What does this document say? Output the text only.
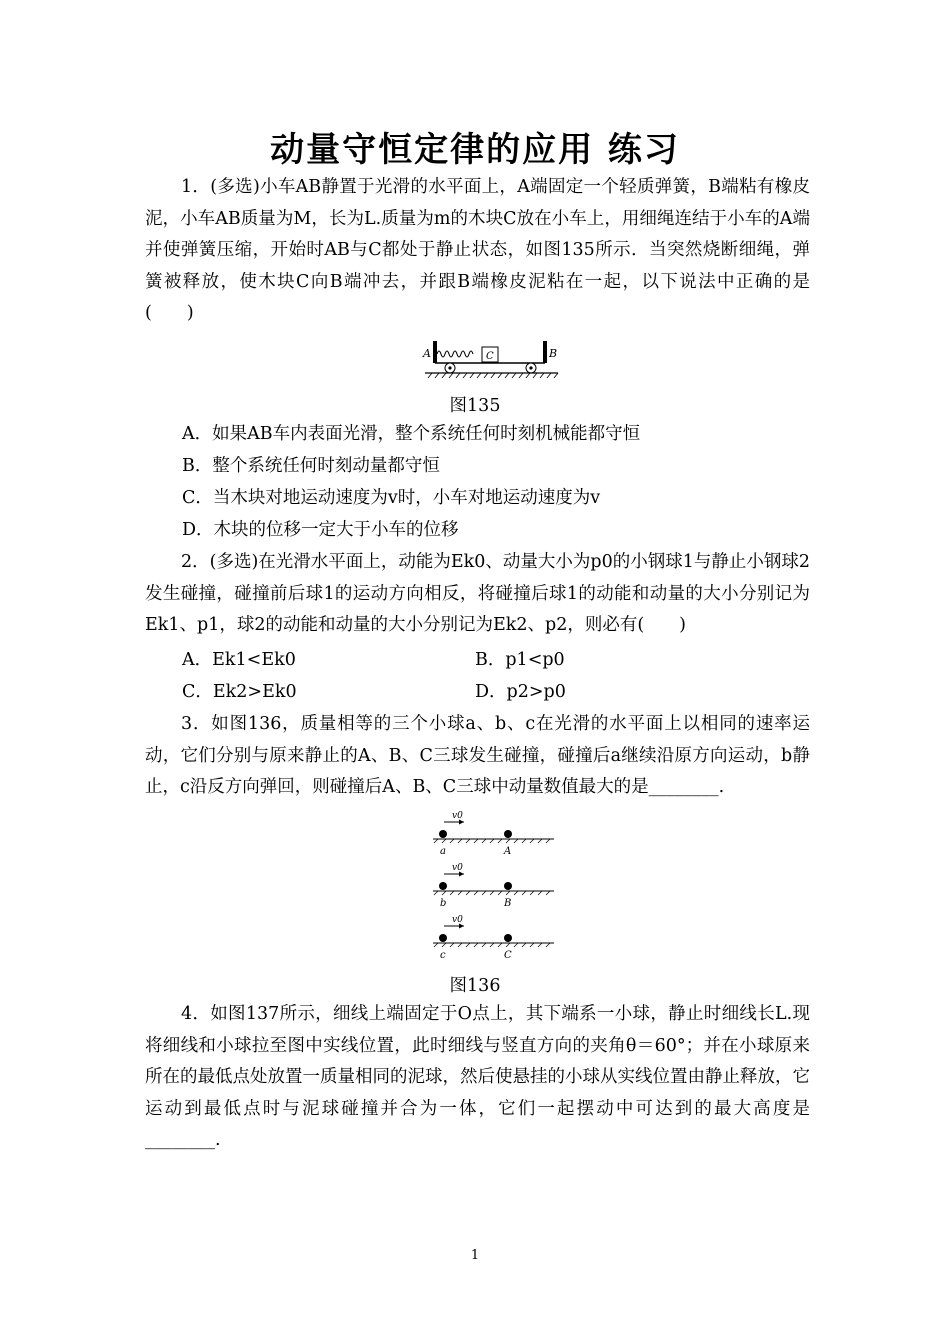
动量守恒定律的应用 练习
1．(多选)小车AB静置于光滑的水平面上，A端固定一个轻质弹簧，B端粘有橡皮泥，小车AB质量为M，长为L.质量为m的木块C放在小车上，用细绳连结于小车的A端并使弹簧压缩，开始时AB与C都处于静止状态，如图135所示．当突然烧断细绳，弹簧被释放，使木块C向B端冲去，并跟B端橡皮泥粘在一起，以下说法中正确的是(　　)
A	B
C
图135
A．如果AB车内表面光滑，整个系统任何时刻机械能都守恒
B．整个系统任何时刻动量都守恒
C．当木块对地运动速度为v时，小车对地运动速度为v
D．木块的位移一定大于小车的位移
2．(多选)在光滑水平面上，动能为Ek0、动量大小为p0的小钢球1与静止小钢球2发生碰撞，碰撞前后球1的运动方向相反，将碰撞后球1的动能和动量的大小分别记为Ek1、p1，球2的动能和动量的大小分别记为Ek2、p2，则必有(　　)
A．Ek1<Ek0	B．p1<p0
C．Ek2>Ek0	D．p2>p0
3．如图136，质量相等的三个小球a、b、c在光滑的水平面上以相同的速率运动，它们分别与原来静止的A、B、C三球发生碰撞，碰撞后a继续沿原方向运动，b静止，c沿反方向弹回，则碰撞后A、B、C三球中动量数值最大的是________.
v0
a	A
v0
b	B
v0
c	C
图136
4．如图137所示，细线上端固定于O点上，其下端系一小球，静止时细线长L.现将细线和小球拉至图中实线位置，此时细线与竖直方向的夹角θ＝60°；并在小球原来所在的最低点处放置一质量相同的泥球，然后使悬挂的小球从实线位置由静止释放，它运动到最低点时与泥球碰撞并合为一体，它们一起摆动中可达到的最大高度是________.
1
